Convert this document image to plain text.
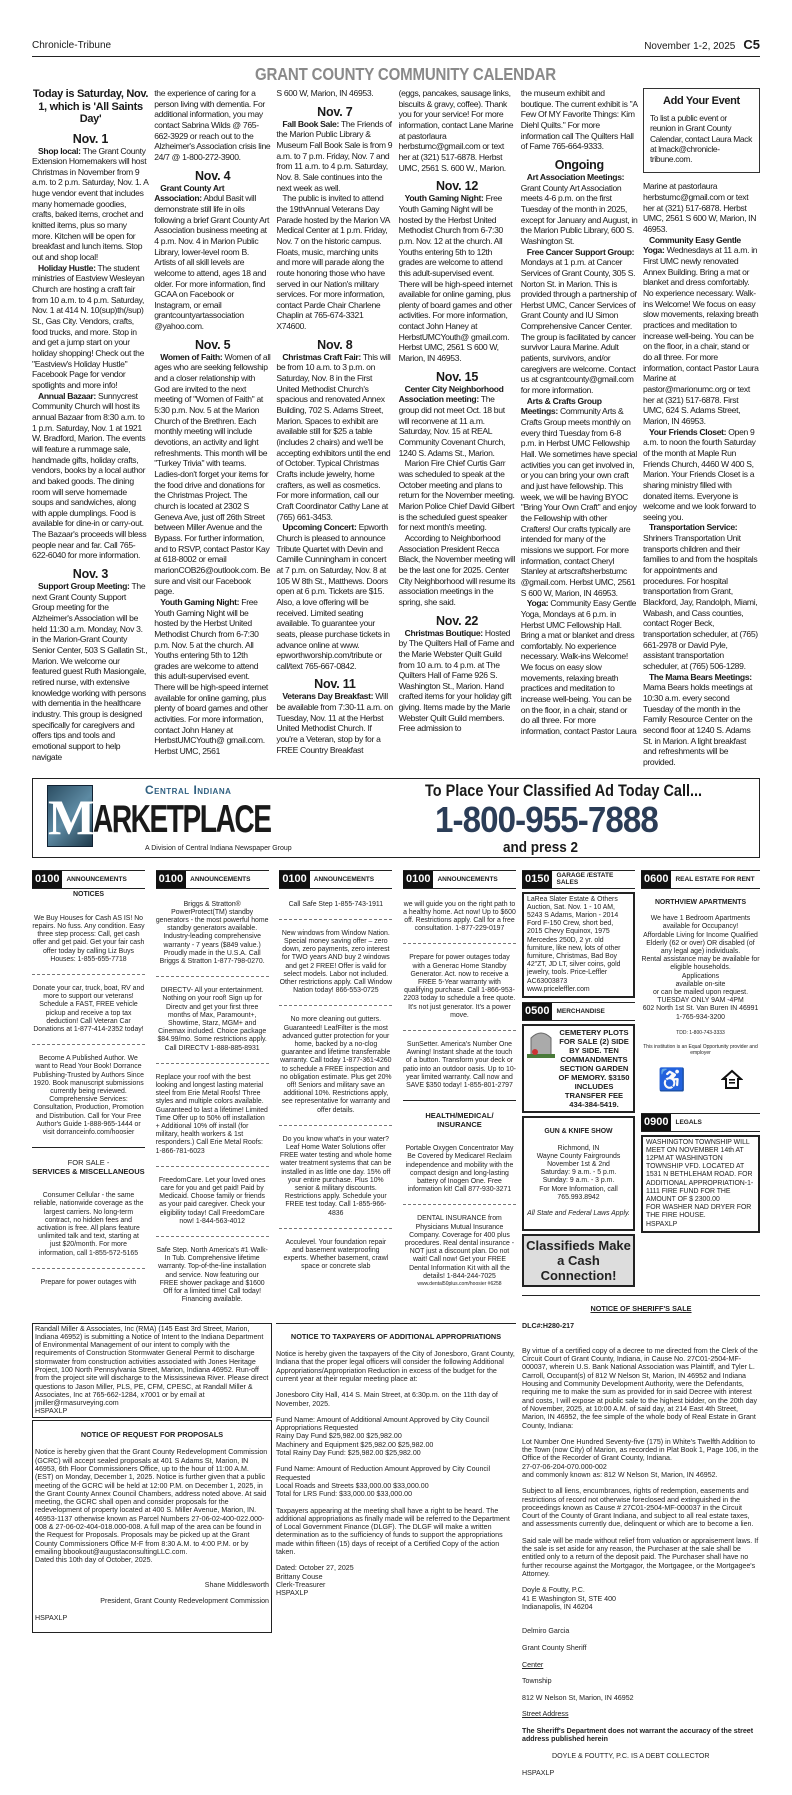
Chronicle-Tribune	November 1-2, 2025 C5
GRANT COUNTY COMMUNITY CALENDAR
Today is Saturday, Nov. 1, which is 'All Saints Day'
Nov. 1

Shop local: The Grant County Extension Homemakers will host Christmas in November from 9 a.m. to 2 p.m. Saturday, Nov. 1. A huge vendor event that includes many homemade goodies, crafts, baked items, crochet and knitted items, plus so many more. Kitchen will be open for breakfast and lunch items. Stop out and shop local!

Holiday Hustle: The student ministries of Eastview Wesleyan Church are hosting a craft fair from 10 a.m. to 4 p.m. Saturday, Nov. 1 at 414 N. 10(sup)th(/sup) St., Gas City. Vendors, crafts, food trucks, and more. Stop in and get a jump start on your holiday shopping! Check out the "Eastview's Holiday Hustle" Facebook Page for vendor spotlights and more info!

Annual Bazaar: Sunnycrest Community Church will host its annual Bazaar from 8:30 a.m. to 1 p.m. Saturday, Nov. 1 at 1921 W. Bradford, Marion. The events will feature a rummage sale, handmade gifts, holiday crafts, vendors, books by a local author and baked goods. The dining room will serve homemade soups and sandwiches, along with apple dumplings. Food is available for dine-in or carry-out. The Bazaar's proceeds will bless people near and far. Call 765-622-6040 for more information.

Nov. 3

Support Group Meeting: The next Grant County Support Group meeting for the Alzheimer's Association will be held 11:30 a.m. Monday, Nov 3. in the Marion-Grant County Senior Center, 503 S Gallatin St., Marion. We welcome our featured guest Ruth Masiongale, retired nurse, with extensive knowledge working with persons with dementia in the healthcare industry. This group is designed specifically for caregivers and offers tips and tools and emotional support to help navigate

the experience of caring for a person living with dementia. For additional information, you may contact Sabrina Wilds @ 765-662-3929 or reach out to the Alzheimer's Association crisis line 24/7 @ 1-800-272-3900.

Nov. 4

Grant County Art Association: Abdul Basit will demonstrate still life in oils following a brief Grant County Art Association business meeting at 4 p.m. Nov. 4 in Marion Public Library, lower-level room B. Artists of all skill levels are welcome to attend, ages 18 and older. For more information, find GCAA on Facebook or Instagram, or email grantcountyartassociation @yahoo.com.

Nov. 5

Women of Faith: Women of all ages who are seeking fellowship and a closer relationship with God are invited to the next meeting of "Women of Faith" at 5:30 p.m. Nov. 5 at the Marion Church of the Brethren. Each monthly meeting will include devotions, an activity and light refreshments. This month will be "Turkey Trivia" with teams. Ladies-don't forget your items for the food drive and donations for the Christmas Project. The church is located at 2302 S Geneva Ave, just off 26th Street between Miller Avenue and the Bypass. For further information, and to RSVP, contact Pastor Kay at 618-8002 or email marionCOB26@outlook.com. Be sure and visit our Facebook page.

Youth Gaming Night: Free Youth Gaming Night will be hosted by the Herbst United Methodist Church from 6-7:30 p.m. Nov. 5 at the church. All Youths entering 5th to 12th grades are welcome to attend this adult-supervised event. There will be high-speed internet available for online gaming, plus plenty of board games and other activities. For more information, contact John Haney at HerbstUMCYouth@ gmail.com. Herbst UMC, 2561

S 600 W, Marion, IN 46953.

Nov. 7

Fall Book Sale: The Friends of the Marion Public Library & Museum Fall Book Sale is from 9 a.m. to 7 p.m. Friday, Nov. 7 and from 11 a.m. to 4 p.m. Saturday, Nov. 8. Sale continues into the next week as well.

The public is invited to attend the 19thAnnual Veterans Day Parade hosted by the Marion VA Medical Center at 1 p.m. Friday, Nov. 7 on the historic campus. Floats, music, marching units and more will parade along the route honoring those who have served in our Nation's military services. For more information, contact Parde Chair Charlene Chaplin at 765-674-3321 X74600.

Nov. 8

Christmas Craft Fair: This will be from 10 a.m. to 3 p.m. on Saturday, Nov. 8 in the First United Methodist Church's spacious and renovated Annex Building, 702 S. Adams Street, Marion. Spaces to exhibit are available still for $25 a table (includes 2 chairs) and we'll be accepting exhibitors until the end of October. Typical Christmas Crafts include jewelry, home crafters, as well as cosmetics. For more information, call our Craft Coordinator Cathy Lane at (765) 661-3453.

Upcoming Concert: Epworth Church is pleased to announce Tribute Quartet with Devin and Camille Cunningham in concert at 7 p.m. on Saturday, Nov. 8 at 105 W 8th St., Matthews. Doors open at 6 p.m. Tickets are $15. Also, a love offering will be received. Limited seating available. To guarantee your seats, please purchase tickets in advance online at www. epworthworship.com/tribute or call/text 765-667-0842.

Nov. 11

Veterans Day Breakfast: Will be available from 7:30-11 a.m. on Tuesday, Nov. 11 at the Herbst United Methodist Church. If you're a Veteran, stop by for a FREE Country Breakfast

(eggs, pancakes, sausage links, biscuits & gravy, coffee). Thank you for your service! For more information, contact Lane Marine at pastorlaura herbstumc@gmail.com or text her at (321) 517-6878. Herbst UMC, 2561 S. 600 W., Marion.

Nov. 12

Youth Gaming Night: Free Youth Gaming Night will be hosted by the Herbst United Methodist Church from 6-7:30 p.m. Nov. 12 at the church. All Youths entering 5th to 12th grades are welcome to attend this adult-supervised event. There will be high-speed internet available for online gaming, plus plenty of board games and other activities. For more information, contact John Haney at HerbstUMCYouth@ gmail.com. Herbst UMC, 2561 S 600 W, Marion, IN 46953.

Nov. 15

Center City Neighborhood Association meeting: The group did not meet Oct. 18 but will reconvene at 11 a.m. Saturday, Nov. 15 at REAL Community Covenant Church, 1240 S. Adams St., Marion.

Marion Fire Chief Curtis Garr was scheduled to speak at the October meeting and plans to return for the November meeting. Marion Police Chief David Gilbert is the scheduled guest speaker for next month's meeting.

According to Neighborhood Association President Recca Black, the November meeting will be the last one for 2025. Center City Neighborhood will resume its association meetings in the spring, she said.

Nov. 22

Christmas Boutique: Hosted by The Quilters Hall of Fame and the Marie Webster Quilt Guild from 10 a.m. to 4 p.m. at The Quilters Hall of Fame 926 S. Washington St., Marion. Hand crafted items for your holiday gift giving. Items made by the Marie Webster Quilt Guild members. Free admission to

the museum exhibit and boutique. The current exhibit is "A Few Of MY Favorite Things: Kim Diehl Quilts." For more information call The Quilters Hall of Fame 765-664-9333.

Ongoing

Art Association Meetings: Grant County Art Association meets 4-6 p.m. on the first Tuesday of the month in 2025, except for January and August, in the Marion Public Library, 600 S. Washington St.

Free Cancer Support Group: Mondays at 1 p.m. at Cancer Services of Grant County, 305 S. Norton St. in Marion. This is provided through a partnership of Herbst UMC, Cancer Services of Grant County and IU Simon Comprehensive Cancer Center. The group is facilitated by cancer survivor Laura Marine. Adult patients, survivors, and/or caregivers are welcome. Contact us at csgrantcounty@gmail.com for more information.

Arts & Crafts Group Meetings: Community Arts & Crafts Group meets monthly on every third Tuesday from 6-8 p.m. in Herbst UMC Fellowship Hall. We sometimes have special activities you can get involved in, or you can bring your own craft and just have fellowship. This week, we will be having BYOC "Bring Your Own Craft" and enjoy the Fellowship with other Crafters! Our crafts typically are intended for many of the missions we support. For more information, contact Cheryl Stanley at artscraftsherbstumc @gmail.com. Herbst UMC, 2561 S 600 W, Marion, IN 46953.

Yoga: Community Easy Gentle Yoga, Mondays at 6 p.m. in Herbst UMC Fellowship Hall. Bring a mat or blanket and dress comfortably. No experience necessary. Walk-ins Welcome! We focus on easy slow movements, relaxing breath practices and meditation to increase well-being. You can be on the floor, in a chair, stand or do all three. For more information, contact Pastor Laura

Add Your Event
To list a public event or reunion in Grant County Calendar, contact Laura Mack at lmack@chronicle-tribune.com.

Marine at pastorlaura herbstumc@gmail.com or text her at (321) 517-6878. Herbst UMC, 2561 S 600 W, Marion, IN 46953.

Community Easy Gentle Yoga: Wednesdays at 11 a.m. in First UMC newly renovated Annex Building. Bring a mat or blanket and dress comfortably. No experience necessary. Walk-ins Welcome! We focus on easy slow movements, relaxing breath practices and meditation to increase well-being. You can be on the floor, in a chair, stand or do all three. For more information, contact Pastor Laura Marine at pastor@marionumc.org or text her at (321) 517-6878. First UMC, 624 S. Adams Street, Marion, IN 46953.

Your Friends Closet: Open 9 a.m. to noon the fourth Saturday of the month at Maple Run Friends Church, 4460 W 400 S, Marion. Your Friends Closet is a sharing ministry filled with donated items. Everyone is welcome and we look forward to seeing you.

Transportation Service: Shriners Transportation Unit transports children and their families to and from the hospitals for appointments and procedures. For hospital transportation from Grant, Blackford, Jay, Randolph, Miami, Wabash, and Cass counties, contact Roger Beck, transportation scheduler, at (765) 661-2978 or David Pyle, assistant transportation scheduler, at (765) 506-1289.

The Mama Bears Meetings: Mama Bears holds meetings at 10:30 a.m. every second Tuesday of the month in the Family Resource Center on the second floor at 1240 S. Adams St. in Marion. A light breakfast and refreshments will be provided.

M	Central Indiana
ARKETPLACE
A Division of Central Indiana Newspaper Group
To Place Your Classified Ad Today Call...
1-800-955-7888
and press 2
0100	ANNOUNCEMENTS
NOTICES
We Buy Houses for Cash AS IS! No repairs. No fuss. Any condition. Easy three step process: Call, get cash offer and get paid. Get your fair cash offer today by calling Liz Buys Houses: 1-855-655-7718
Donate your car, truck, boat, RV and more to support our veterans! Schedule a FAST, FREE vehicle pickup and receive a top tax deduction! Call Veteran Car Donations at 1-877-414-2352 today!
Become A Published Author. We want to Read Your Book! Dorrance Publishing-Trusted by Authors Since 1920. Book manuscript submissions currently being reviewed. Comprehensive Services: Consultation, Production, Promotion and Distribution. Call for Your Free Author's Guide 1-888-965-1444 or visit dorranceinfo.com/hoosier
FOR SALE -
SERVICES & MISCELLANEOUS
Consumer Cellular - the same reliable, nationwide coverage as the largest carriers. No long-term contract, no hidden fees and activation is free. All plans feature unlimited talk and text, starting at just $20/month. For more information, call 1-855-572-5165
Prepare for power outages with
0100	ANNOUNCEMENTS
Briggs & Stratton® PowerProtect(TM) standby generators - the most powerful home standby generators available. Industry-leading comprehensive warranty - 7 years ($849 value.) Proudly made in the U.S.A. Call Briggs & Stratton 1-877-798-0270.
DIRECTV- All your entertainment. Nothing on your roof! Sign up for Directv and get your first three months of Max, Paramount+, Showtime, Starz, MGM+ and Cinemax included. Choice package $84.99/mo. Some restrictions apply. Call DIRECTV 1-888-885-8931
Replace your roof with the best looking and longest lasting material steel from Erie Metal Roofs! Three styles and multiple colors available. Guaranteed to last a lifetime! Limited Time Offer up to 50% off installation + Additional 10% off install (for military, health workers & 1st responders.) Call Erie Metal Roofs: 1-866-781-6023
FreedomCare. Let your loved ones care for you and get paid! Paid by Medicaid. Choose family or friends as your paid caregiver. Check your eligibility today! Call FreedomCare now! 1-844-563-4012
Safe Step. North America's #1 Walk-In Tub. Comprehensive lifetime warranty. Top-of-the-line installation and service. Now featuring our FREE shower package and $1600 Off for a limited time! Call today! Financing available.
0100	ANNOUNCEMENTS
Call Safe Step 1-855-743-1911
New windows from Window Nation. Special money saving offer – zero down, zero payments, zero interest for TWO years AND buy 2 windows and get 2 FREE! Offer is valid for select models. Labor not included. Other restrictions apply. Call Window Nation today! 866-553-0725
No more cleaning out gutters. Guaranteed! LeafFilter is the most advanced gutter protection for your home, backed by a no-clog guarantee and lifetime transferrable warranty. Call today 1-877-361-4260 to schedule a FREE inspection and no obligation estimate. Plus get 20% off! Seniors and military save an additional 10%. Restrictions apply, see representative for warranty and offer details.
Do you know what's in your water? Leaf Home Water Solutions offer FREE water testing and whole home water treatment systems that can be installed in as little one day. 15% off your entire purchase. Plus 10% senior & military discounts. Restrictions apply. Schedule your FREE test today. Call 1-855-966-4836
Acculevel. Your foundation repair and basement waterproofing experts. Whether basement, crawl space or concrete slab
0100	ANNOUNCEMENTS
we will guide you on the right path to a healthy home. Act now! Up to $600 off. Restrictions apply. Call for a free consultation. 1-877-229-0197
Prepare for power outages today with a Generac Home Standby Generator. Act. now to receive a FREE 5-Year warranty with qualifying purchase. Call 1-866-953-2203 today to schedule a free quote. It's not just generator. It's a power move.
SunSetter. America's Number One Awning! Instant shade at the touch of a button. Transform your deck or patio into an outdoor oasis. Up to 10-year limited warranty. Call now and SAVE $350 today! 1-855-801-2797
HEALTH/MEDICAL/ INSURANCE
Portable Oxygen Concentrator May Be Covered by Medicare! Reclaim independence and mobility with the compact design and long-lasting battery of Inogen One. Free information kit! Call 877-930-3271
DENTAL INSURANCE from Physicians Mutual Insurance Company. Coverage for 400 plus procedures. Real dental insurance - NOT just a discount plan. Do not wait! Call now! Get your FREE Dental Information Kit with all the details! 1-844-244-7025
www.dental50plus.com/hoosier #6258
Randall Miller & Associates, Inc (RMA) (145 East 3rd Street, Marion, Indiana 46952) is submitting a Notice of Intent to the Indiana Department of Environmental Management of our intent to comply with the requirements of Construction Stormwater General Permit to discharge stormwater from construction activities associated with Jones Heritage Project, 100 North Pennsylvania Street, Marion, Indiana 46952. Run-off from the project site will discharge to the Mississinewa River. Please direct questions to Jason Miller, PLS, PE, CFM, CPESC, at Randall Miller & Associates, Inc at 765-662-1284, x7001 or by email at jmiller@rmasurveying.com
HSPAXLP

NOTICE OF REQUEST FOR PROPOSALS

Notice is hereby given that the Grant County Redevelopment Commission (GCRC) will accept sealed proposals at 401 S Adams St, Marion, IN 46953, 6th Floor Commissioners Office, up to the hour of 11:00 A.M. (EST) on Monday, December 1, 2025. Notice is further given that a public meeting of the GCRC will be held at 12:00 P.M. on December 1, 2025, in the Grant County Annex Council Chambers, address noted above. At said meeting, the GCRC shall open and consider proposals for the redevelopment of property located at 400 S. Miller Avenue, Marion, IN. 46953-1137 otherwise known as Parcel Numbers 27-06-02-400-022.000-008 & 27-06-02-404-018.000-008. A full map of the area can be found in the Request for Proposals. Proposals may be picked up at the Grant County Commissioners Office M-F from 8:30 A.M. to 4:00 P.M. or by emailing bbookout@augustaconsultingLLC.com.
Dated this 10th day of October, 2025.

Shane Middlesworth

President, Grant County Redevelopment Commission

HSPAXLP

NOTICE TO TAXPAYERS OF ADDITIONAL APPROPRIATIONS

Notice is hereby given the taxpayers of the City of Jonesboro, Grant County, Indiana that the proper legal officers will consider the following Additional Appropriations/Appropriation Reduction in excess of the budget for the current year at their regular meeting place at:

Jonesboro City Hall, 414 S. Main Street, at 6:30p.m. on the 11th day of November, 2025.

Fund Name: Amount of Additional Amount Approved by City Council
Appropriations Requested
Rainy Day Fund $25,982.00 $25,982.00
Machinery and Equipment $25,982.00 $25,982.00
Total Rainy Day Fund: $25,982.00 $25,982.00

Fund Name: Amount of Reduction Amount Approved by City Council
Requested
Local Roads and Streets $33,000.00 $33,000.00
Total for LRS Fund: $33,000.00 $33,000.00

Taxpayers appearing at the meeting shall have a right to be heard. The additional appropriations as finally made will be referred to the Department of Local Government Finance (DLGF). The DLGF will make a written determination as to the sufficiency of funds to support the appropriations made within fifteen (15) days of receipt of a Certified Copy of the action taken.

Dated: October 27, 2025
Brittany Couse
Clerk-Treasurer
HSPAXLP

0150	GARAGE /ESTATE SALES
LaRea Slater Estate & Others Auction, Sat. Nov. 1 - 10 AM, 5243 S Adams, Marion - 2014 Ford F-150 Crew, short bed, 2015 Chevy Equinox, 1975 Mercedes 250D, 2 yr. old furniture, like new, lots of other furniture, Christmas, Bad Boy 42"ZT, JD LT, silver coins, gold jewelry, tools. Price-Leffler AC63003873 www.priceleffler.com
0500	MERCHANDISE
CEMETERY PLOTS FOR SALE (2) SIDE BY SIDE. TEN COMMANDMENTS SECTION GARDEN OF MEMORY. $3150 INCLUDES TRANSFER FEE 434-384-5419.

GUN & KNIFE SHOW

Richmond, IN
Wayne County Fairgrounds
November 1st & 2nd
Saturday: 9 a.m. - 5 p.m.
Sunday: 9 a.m. - 3 p.m.
For More Information, call
765.993.8942

All State and Federal Laws Apply.

Classifieds Make a Cash Connection!
0600	REAL ESTATE FOR RENT

NORTHVIEW APARTMENTS

We have 1 Bedroom Apartments available for Occupancy!
Affordable Living for Income Qualified Elderly (62 or over) OR disabled (of any legal age) individuals.
Rental assistance may be available for eligible households.
Applications
available on-site
or can be mailed upon request.
TUESDAY ONLY 9AM -4PM
602 North 1st St. Van Buren IN 46991
1-765-934-3200

TDD: 1-800-743-3333

This institution is an Equal Opportunity provider and employer

♿

0900	LEGALS
WASHINGTON TOWNSHIP WILL MEET ON NOVEMBER 14th AT 12PM AT WASHINGTON TOWNSHIP VFD. LOCATED AT 1531 N BETHLEHAM ROAD. FOR ADDITIONAL APPROPRIATION-1-1111 FIRE FUND FOR THE AMOUNT OF $ 2300.00
FOR WASHER NAD DRYER FOR THE FIRE HOUSE.
HSPAXLP

NOTICE OF SHERIFF'S SALE

DLC#:H280-217

By virtue of a certified copy of a decree to me directed from the Clerk of the Circuit Court of Grant County, Indiana, in Cause No. 27C01-2504-MF-000037, wherein U.S. Bank National Association was Plaintiff, and Tyler L. Carroll, Occupant(s) of 812 W Nelson St, Marion, IN 46952 and Indiana Housing and Community Development Authority, were the Defendants, requiring me to make the sum as provided for in said Decree with interest and costs, I will expose at public sale to the highest bidder, on the 20th day of November, 2025, at 10:00 A.M. of said day, at 214 East 4th Street, Marion, IN 46952, the fee simple of the whole body of Real Estate in Grant County, Indiana:

Lot Number One Hundred Seventy-five (175) in White's Twelfth Addition to the Town (now City) of Marion, as recorded in Plat Book 1, Page 106, in the Office of the Recorder of Grant County, Indiana.
27-07-06-204-070.000-002
and commonly known as: 812 W Nelson St, Marion, IN 46952.

Subject to all liens, encumbrances, rights of redemption, easements and restrictions of record not otherwise foreclosed and extinguished in the proceedings known as Cause # 27C01-2504-MF-000037 in the Circuit Court of the County of Grant Indiana, and subject to all real estate taxes, and assessments currently due, delinquent or which are to become a lien.

Said sale will be made without relief from valuation or appraisement laws. If the sale is set aside for any reason, the Purchaser at the sale shall be entitled only to a return of the deposit paid. The Purchaser shall have no further recourse against the Mortgagor, the Mortgagee, or the Mortgagee's Attorney.

Doyle & Foutty, P.C.
41 E Washington St, STE 400
Indianapolis, IN 46204

Delmiro Garcia

Grant County Sheriff

Center

Township

812 W Nelson St, Marion, IN 46952

Street Address

The Sheriff's Department does not warrant the accuracy of the street address published herein

DOYLE & FOUTTY, P.C. IS A DEBT COLLECTOR

HSPAXLP
